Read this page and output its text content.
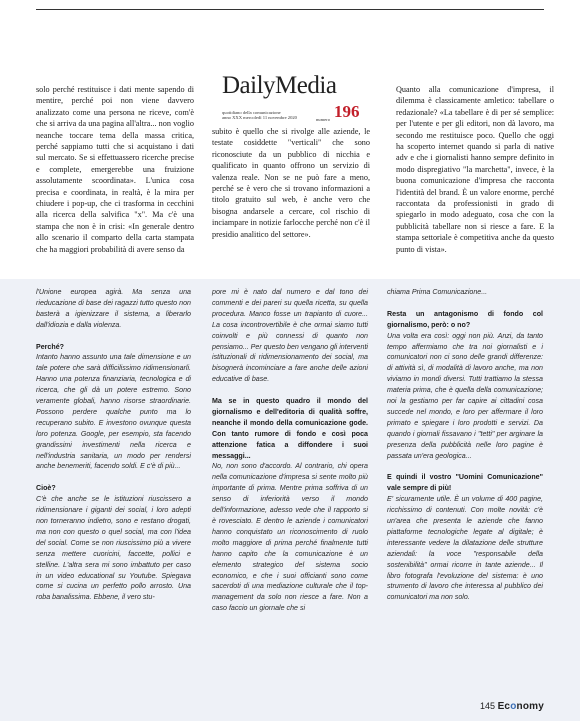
solo perché restituisce i dati mente sapendo di mentire, perché poi non viene davvero analizzato come una persona ne riceve, com'è che si arriva da una pagina all'altra... non voglio neanche toccare tema della massa critica, perché sappiamo tutti che si acquistano i dati sul mercato. Se si effettuassero ricerche precise e complete, emergerebbe una fruizione assolutamente scoordinata». L'unica cosa precisa e coordinata, in realtà, è la mira per chiudere i pop-up, che ci trasforma in cecchini alla ricerca della salvifica "x". Ma c'è una stampa che non è in crisi: «In generale dentro allo scenario il comparto della carta stampata che ha maggiori probabilità di avere senso da

DailyMedia
quotidiano della comunicazione
anno XXX mercoledì 11 novembre 2020	numero 196

subito è quello che si rivolge alle aziende, le testate cosiddette "verticali" che sono riconosciute da un pubblico di nicchia e qualificato in quanto offrono un servizio di valenza reale. Non se ne può fare a meno, perché se è vero che si trovano informazioni a titolo gratuito sul web, è anche vero che bisogna andarsele a cercare, col rischio di inciampare in notizie farlocche perché non c'è il presidio analitico del settore».

Quanto alla comunicazione d'impresa, il dilemma è classicamente amletico: tabellare o redazionale? «La tabellare è di per sé semplice: per l'utente e per gli editori, non dà lavoro, ma secondo me restituisce poco. Quello che oggi ha scoperto internet quando si parla di native adv e che i giornalisti hanno sempre definito in modo dispregiativo "la marchetta", invece, è la buona comunicazione d'impresa che racconta l'identità del brand. È un valore enorme, perché raccontata da professionisti in grado di spiegarlo in modo adeguato, cosa che con la pubblicità tabellare non si riesce a fare. E la stampa settoriale è competitiva anche da questo punto di vista».

l'Unione europea agirà. Ma senza una rieducazione di base dei ragazzi tutto questo non basterà a igienizzare il sistema, a liberarlo dall'idiozia e dalla violenza.

Perché?

Intanto hanno assunto una tale dimensione e un tale potere che sarà difficilissimo ridimensionarli. Hanno una potenza finanziaria, tecnologica e di ricerca, che gli dà un potere estremo. Sono veramente globali, hanno risorse straordinarie. Possono perdere qualche punto ma lo recuperano subito. E investono ovunque questa loro potenza. Google, per esempio, sta facendo grandissimi investimenti nella ricerca e nell'industria sanitaria, un modo per rendersi anche benemeriti, facendo soldi. E c'è di più...

Cioè?

C'è che anche se le istituzioni riuscissero a ridimensionare i giganti dei social, i loro adepti non torneranno indietro, sono e restano drogati, ma non con questo o quel social, ma con l'idea del social. Come se non riuscissimo più a vivere senza mettere cuoricini, faccette, pollici e stelline. L'altra sera mi sono imbattuto per caso in un video educational su Youtube. Spiegava come si cucina un perfetto pollo arrosto. Una roba banalissima. Ebbene, il vero stu-

pore mi è nato dal numero e dal tono dei commenti e dei pareri su quella ricetta, su quella procedura. Manco fosse un trapianto di cuore... La cosa incontrovertibile è che ormai siamo tutti coinvolti e più connessi di quanto non pensiamo... Per questo ben vengano gli interventi istituzionali di ridimensionamento dei social, ma bisognerà incominciare a fare anche delle azioni educative di base.

Ma se in questo quadro il mondo del giornalismo e dell'editoria di qualità soffre, neanche il mondo della comunicazione gode. Con tanto rumore di fondo e così poca attenzione fatica a diffondere i suoi messaggi...

No, non sono d'accordo. Al contrario, chi opera nella comunicazione d'impresa si sente molto più importante di prima. Mentre prima soffriva di un senso di inferiorità verso il mondo dell'informazione, adesso vede che il rapporto si è rovesciato. E dentro le aziende i comunicatori hanno conquistato un riconoscimento di ruolo molto maggiore di prima perché finalmente tutti hanno capito che la comunicazione è un elemento strategico del sistema socio economico, e che i suoi officianti sono come sacerdoti di una mediazione culturale che il top-management da solo non riesce a fare. Non a caso faccio un giornale che si

chiama Prima Comunicazione...

Resta un antagonismo di fondo col giornalismo, però: o no?

Una volta era così: oggi non più. Anzi, da tanto tempo affermiamo che tra noi giornalisti e i comunicatori non ci sono delle grandi differenze: di attività sì, di modalità di lavoro anche, ma non viviamo in mondi diversi. Tutti trattiamo la stessa materia prima, che è quella della comunicazione; noi la gestiamo per far capire ai cittadini cosa succede nel mondo, e loro per affermare il loro primato e spiegare i loro prodotti e servizi. Da quando i giornali fissavano i "tetti" per arginare la presenza della pubblicità nelle loro pagine è passata un'era geologica...

E quindi il vostro "Uomini Comunicazione" vale sempre di più!

E' sicuramente utile. È un volume di 400 pagine, ricchissimo di contenuti. Con molte novità: c'è un'area che presenta le aziende che fanno piattaforme tecnologiche legate al digitale; è interessante vedere la dilatazione delle strutture aziendali: la voce "responsabile della sostenibilità" ormai ricorre in tante aziende... Il libro fotografa l'evoluzione del sistema: è uno strumento di lavoro che interessa al pubblico dei comunicatori ma non solo.

145 Economy
